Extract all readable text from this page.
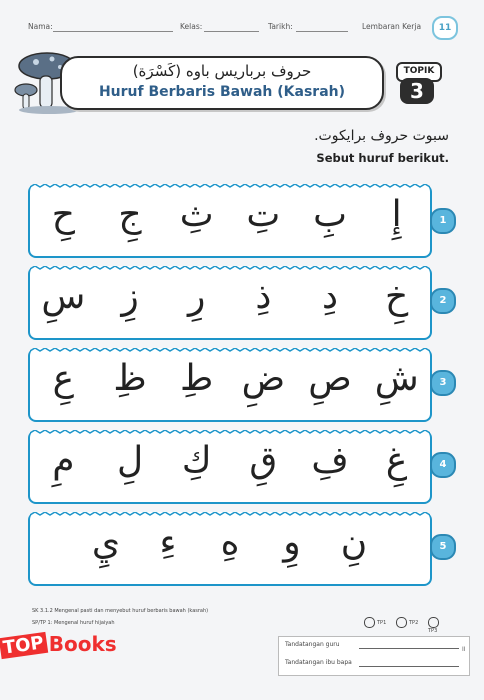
Nama:	Kelas:	Tarikh:	Lembaran Kerja	11
حروف برباريس باوه (كَسْرَة)
Huruf Berbaris Bawah (Kasrah)
TOPIK
3
سبوت حروف برايكوت.
Sebut huruf berikut.
إِ
بِ
تِ
ثِ
جِ
حِ	1
خِ
دِ
ذِ
رِ
زِ
سِ	2
شِ
صِ
ضِ
طِ
ظِ
عِ	3
غِ
فِ
قِ
كِ
لِ
مِ	4
نِ
وِ
هِ
ءِ
يِ	5
SK 3.1.2 Mengenal pasti dan menyebut huruf berbaris bawah (kasrah)
SP/TP 1: Mengenal huruf hijaiyah	TP1	TP2
TP3
Tandatangan guru
Tandatangan ibu bapa
II
TOP Books
